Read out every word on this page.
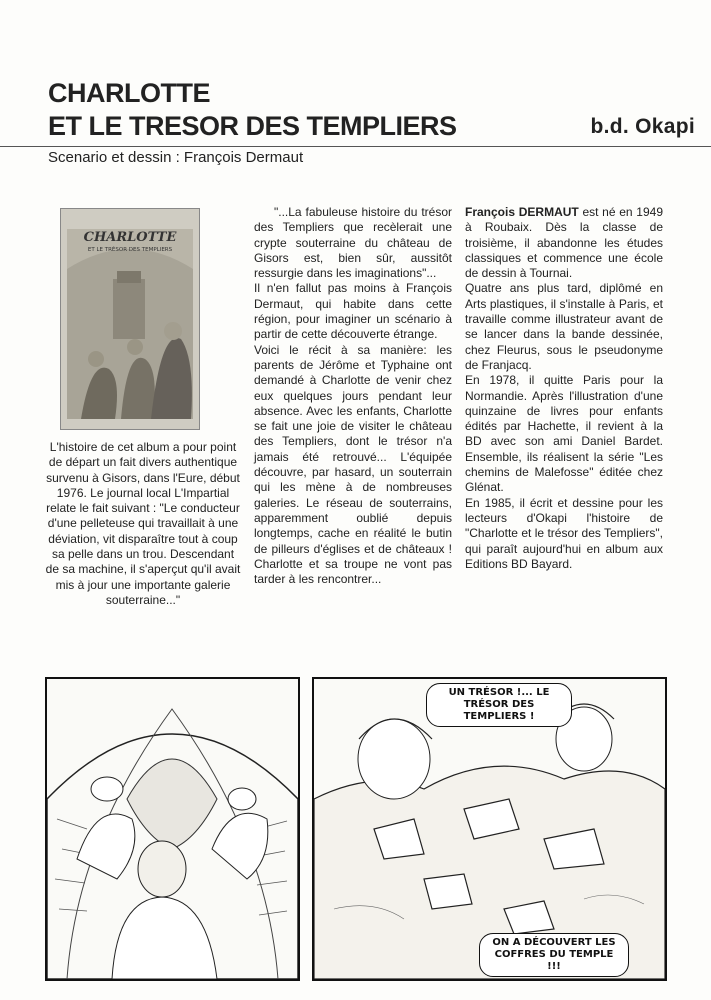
CHARLOTTE
ET LE TRESOR DES TEMPLIERS	b.d. Okapi
Scenario et dessin : François Dermaut
CHARLOTTE
ET LE TRÉSOR DES TEMPLIERS

L'histoire de cet album a pour point de départ un fait divers authentique survenu à Gisors, dans l'Eure, début 1976. Le journal local L'Impartial relate le fait suivant : "Le conducteur d'une pelleteuse qui travaillait à une déviation, vit disparaître tout à coup sa pelle dans un trou. Descendant de sa machine, il s'aperçut qu'il avait mis à jour une importante galerie souterraine..."

"...La fabuleuse histoire du trésor des Templiers que recèlerait une crypte souterraine du château de Gisors est, bien sûr, aussitôt ressurgie dans les imaginations"...

Il n'en fallut pas moins à François Dermaut, qui habite dans cette région, pour imaginer un scénario à partir de cette découverte étrange.

Voici le récit à sa manière: les parents de Jérôme et Typhaine ont demandé à Charlotte de venir chez eux quelques jours pendant leur absence. Avec les enfants, Charlotte se fait une joie de visiter le château des Templiers, dont le trésor n'a jamais été retrouvé... L'équipée découvre, par hasard, un souterrain qui les mène à de nombreuses galeries. Le réseau de souterrains, apparemment oublié depuis longtemps, cache en réalité le butin de pilleurs d'églises et de châteaux ! Charlotte et sa troupe ne vont pas tarder à les rencontrer...

François DERMAUT est né en 1949 à Roubaix. Dès la classe de troisième, il abandonne les études classiques et commence une école de dessin à Tournai.

Quatre ans plus tard, diplômé en Arts plastiques, il s'installe à Paris, et travaille comme illustrateur avant de se lancer dans la bande dessinée, chez Fleurus, sous le pseudonyme de Franjacq.

En 1978, il quitte Paris pour la Normandie. Après l'illustration d'une quinzaine de livres pour enfants édités par Hachette, il revient à la BD avec son ami Daniel Bardet. Ensemble, ils réalisent la série "Les chemins de Malefosse" éditée chez Glénat.

En 1985, il écrit et dessine pour les lecteurs d'Okapi l'histoire de "Charlotte et le trésor des Templiers", qui paraît aujourd'hui en album aux Editions BD Bayard.

UN TRÉSOR !... LE TRÉSOR DES TEMPLIERS !
ON A DÉCOUVERT LES COFFRES DU TEMPLE !!!
